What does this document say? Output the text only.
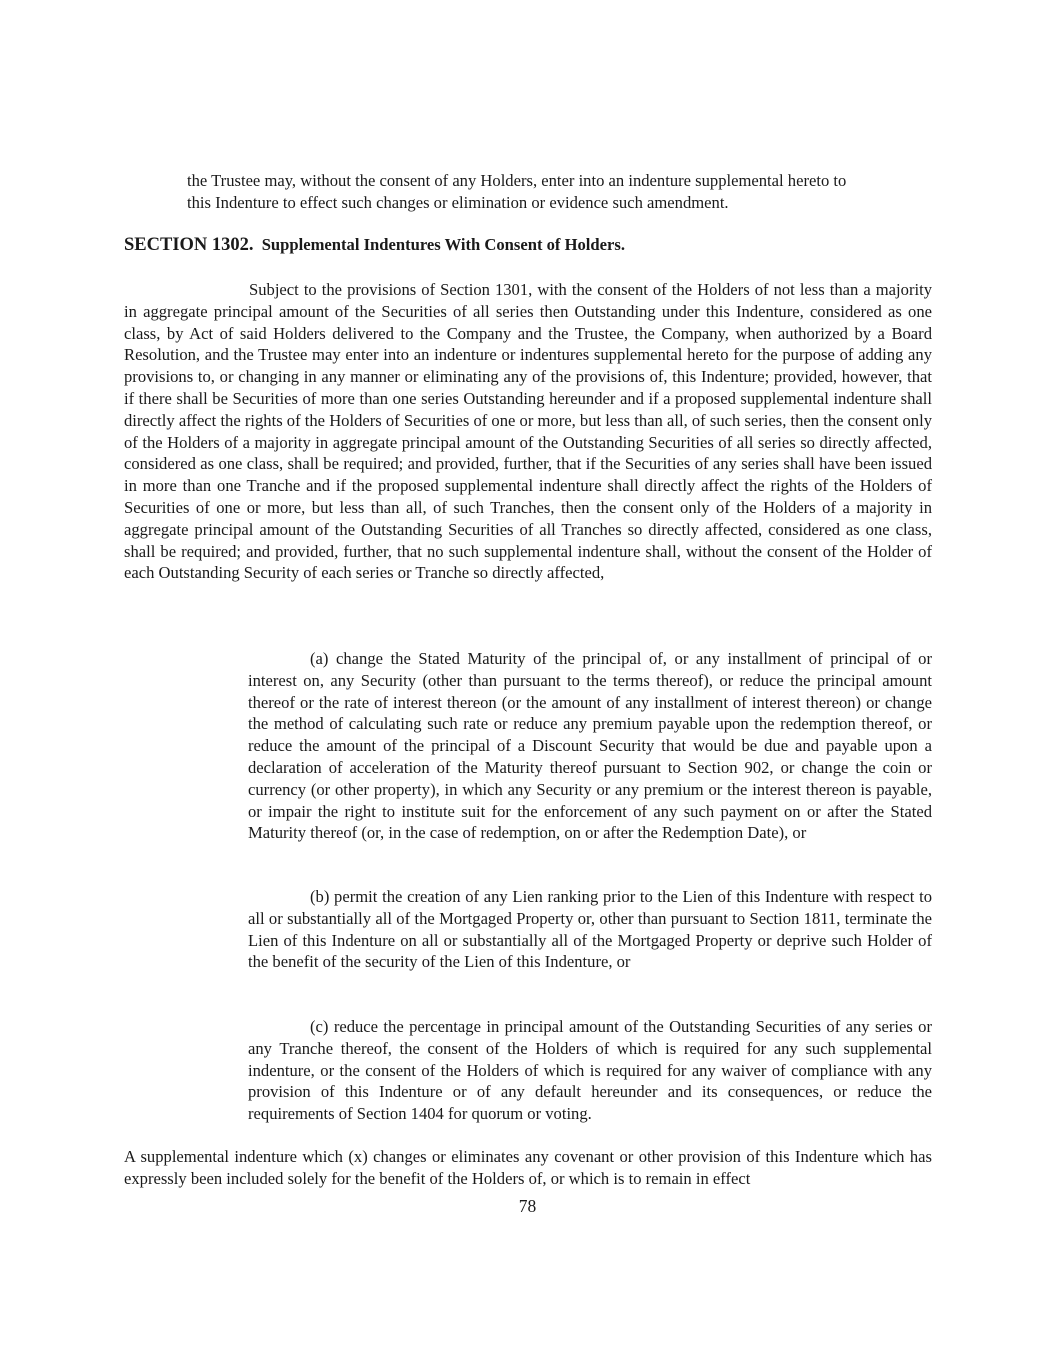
the Trustee may, without the consent of any Holders, enter into an indenture supplemental hereto to this Indenture to effect such changes or elimination or evidence such amendment.

SECTION 1302. Supplemental Indentures With Consent of Holders.

Subject to the provisions of Section 1301, with the consent of the Holders of not less than a majority in aggregate principal amount of the Securities of all series then Outstanding under this Indenture, considered as one class, by Act of said Holders delivered to the Company and the Trustee, the Company, when authorized by a Board Resolution, and the Trustee may enter into an indenture or indentures supplemental hereto for the purpose of adding any provisions to, or changing in any manner or eliminating any of the provisions of, this Indenture; provided, however, that if there shall be Securities of more than one series Outstanding hereunder and if a proposed supplemental indenture shall directly affect the rights of the Holders of Securities of one or more, but less than all, of such series, then the consent only of the Holders of a majority in aggregate principal amount of the Outstanding Securities of all series so directly affected, considered as one class, shall be required; and provided, further, that if the Securities of any series shall have been issued in more than one Tranche and if the proposed supplemental indenture shall directly affect the rights of the Holders of Securities of one or more, but less than all, of such Tranches, then the consent only of the Holders of a majority in aggregate principal amount of the Outstanding Securities of all Tranches so directly affected, considered as one class, shall be required; and provided, further, that no such supplemental indenture shall, without the consent of the Holder of each Outstanding Security of each series or Tranche so directly affected,

(a) change the Stated Maturity of the principal of, or any installment of principal of or interest on, any Security (other than pursuant to the terms thereof), or reduce the principal amount thereof or the rate of interest thereon (or the amount of any installment of interest thereon) or change the method of calculating such rate or reduce any premium payable upon the redemption thereof, or reduce the amount of the principal of a Discount Security that would be due and payable upon a declaration of acceleration of the Maturity thereof pursuant to Section 902, or change the coin or currency (or other property), in which any Security or any premium or the interest thereon is payable, or impair the right to institute suit for the enforcement of any such payment on or after the Stated Maturity thereof (or, in the case of redemption, on or after the Redemption Date), or

(b) permit the creation of any Lien ranking prior to the Lien of this Indenture with respect to all or substantially all of the Mortgaged Property or, other than pursuant to Section 1811, terminate the Lien of this Indenture on all or substantially all of the Mortgaged Property or deprive such Holder of the benefit of the security of the Lien of this Indenture, or

(c) reduce the percentage in principal amount of the Outstanding Securities of any series or any Tranche thereof, the consent of the Holders of which is required for any such supplemental indenture, or the consent of the Holders of which is required for any waiver of compliance with any provision of this Indenture or of any default hereunder and its consequences, or reduce the requirements of Section 1404 for quorum or voting.

A supplemental indenture which (x) changes or eliminates any covenant or other provision of this Indenture which has expressly been included solely for the benefit of the Holders of, or which is to remain in effect

78
